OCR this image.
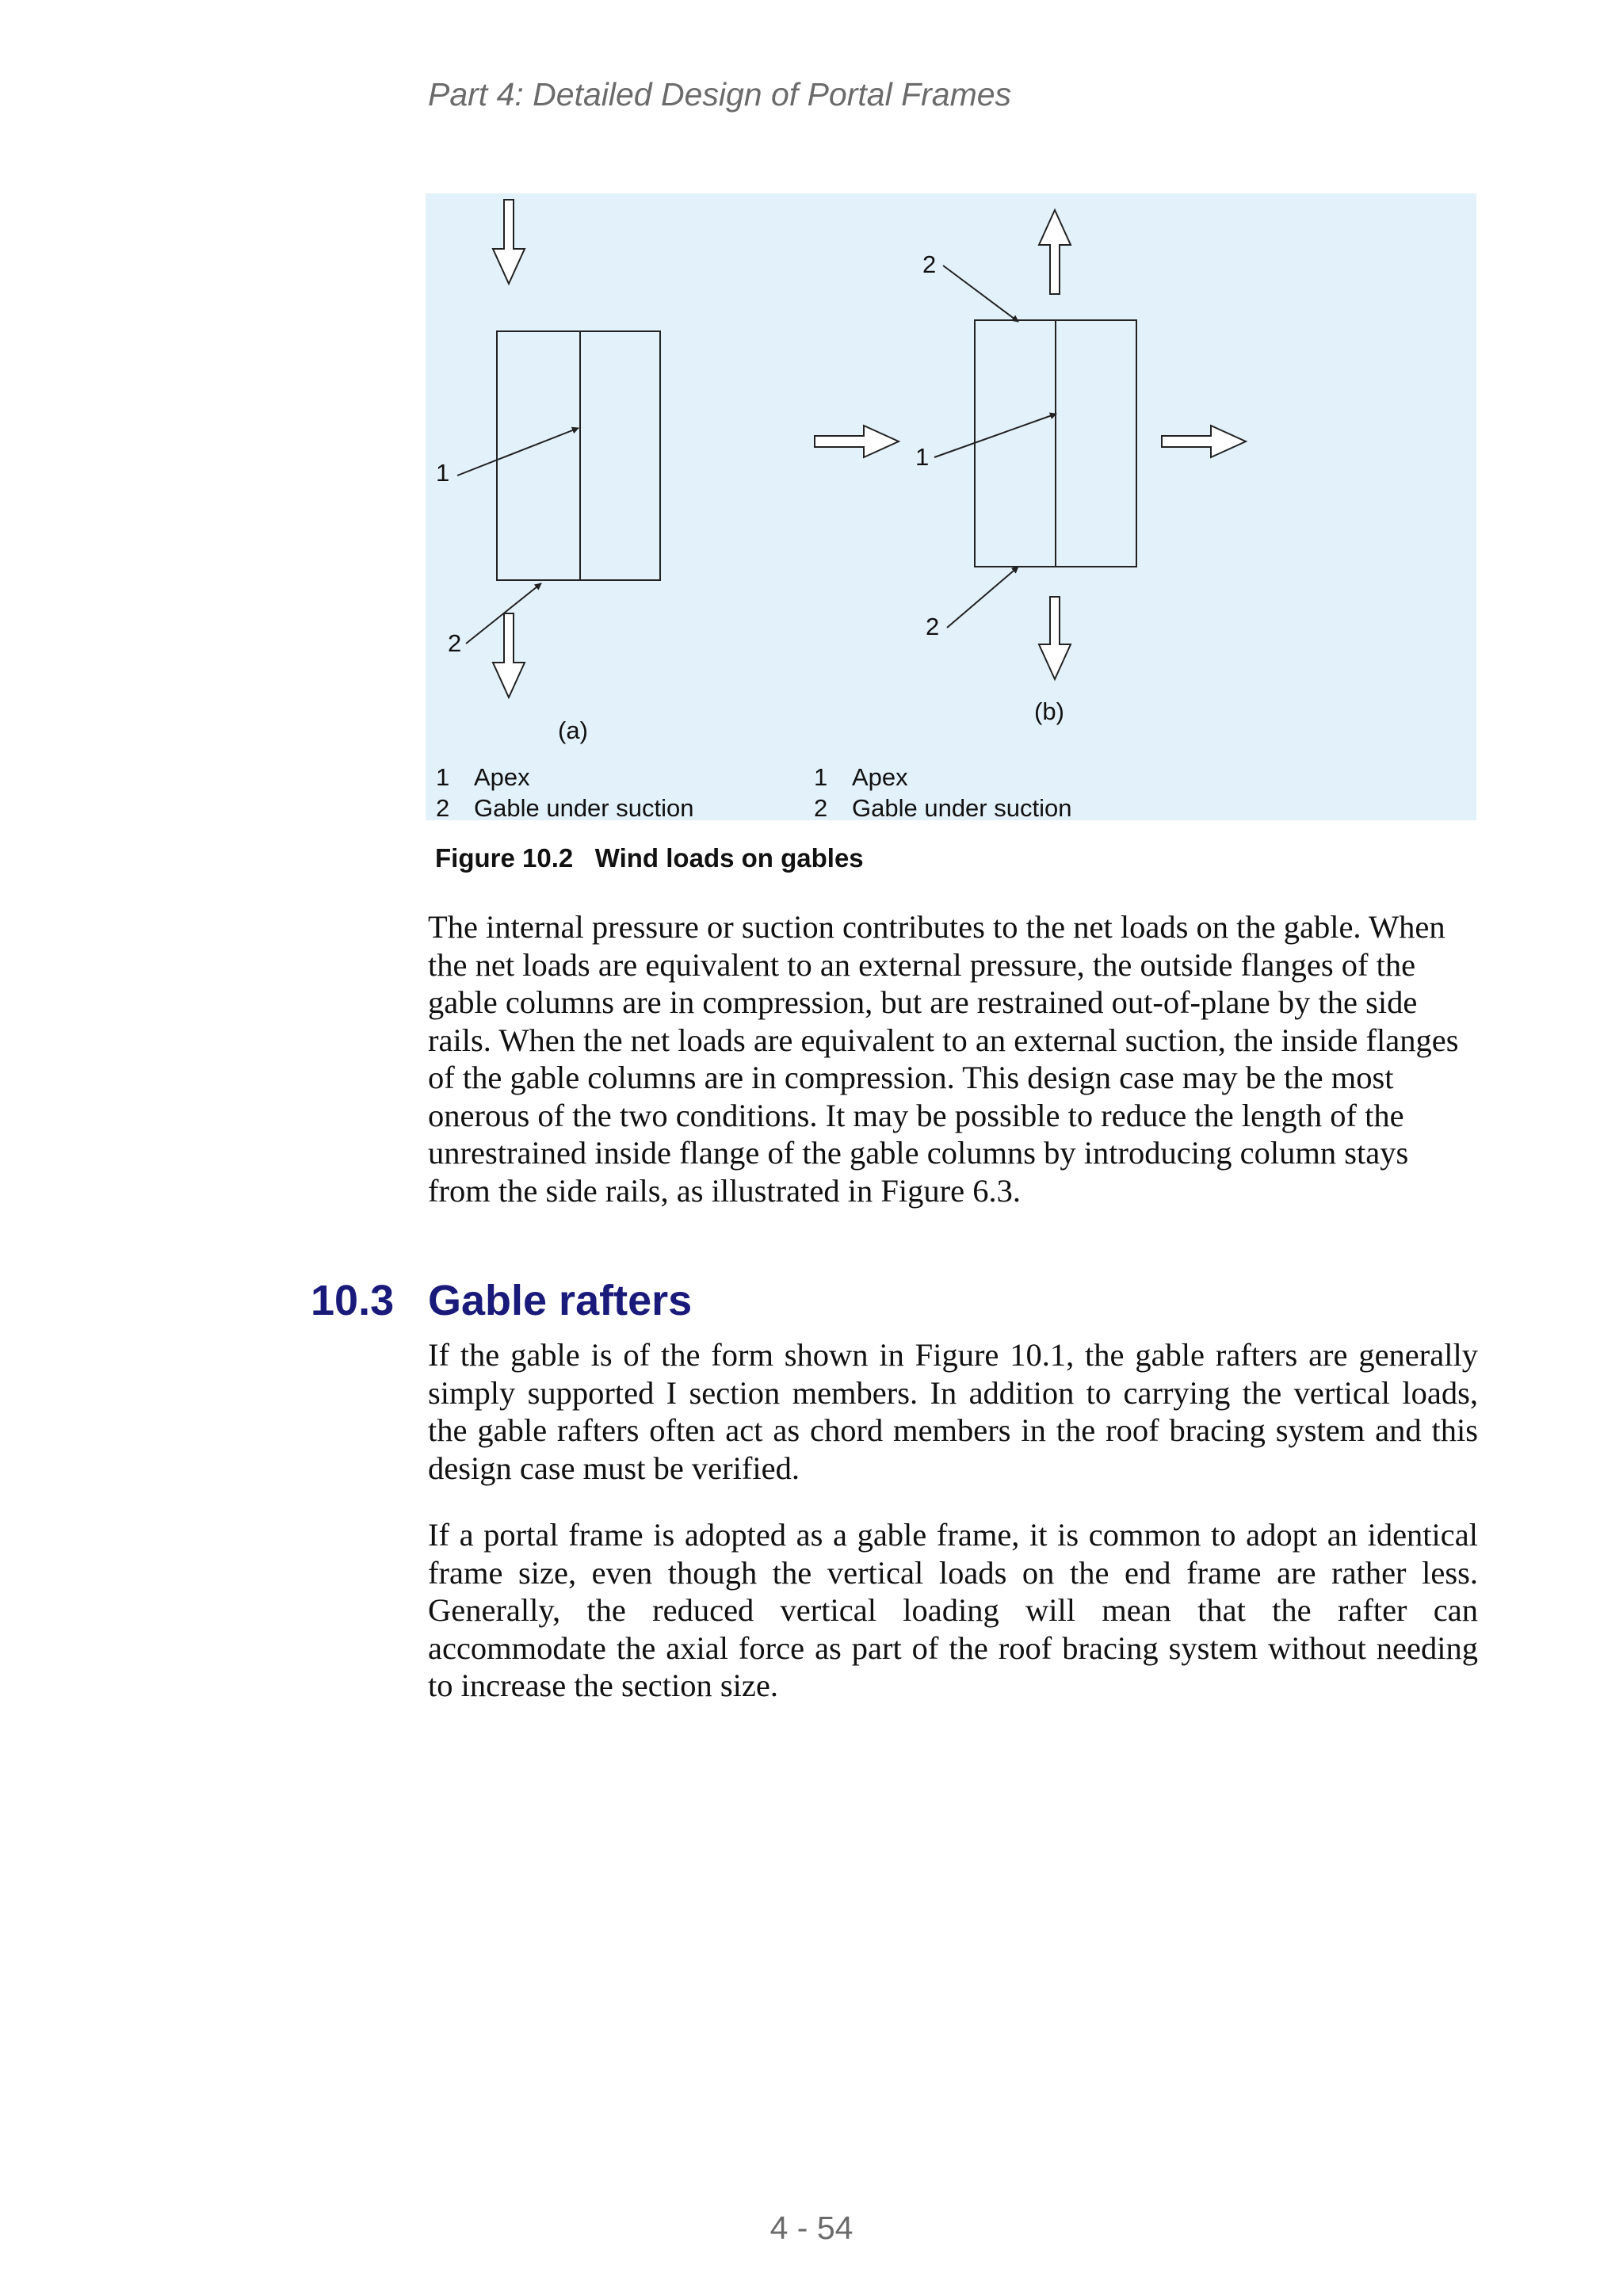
Part 4: Detailed Design of Portal Frames
1
2
(a)
2
1
2
(b)
1 Apex
2 Gable under suction
1 Apex
2 Gable under suction
Figure 10.2 Wind loads on gables

The internal pressure or suction contributes to the net loads on the gable. When the net loads are equivalent to an external pressure, the outside flanges of the gable columns are in compression, but are restrained out-of-plane by the side rails. When the net loads are equivalent to an external suction, the inside flanges of the gable columns are in compression. This design case may be the most onerous of the two conditions. It may be possible to reduce the length of the unrestrained inside flange of the gable columns by introducing column stays from the side rails, as illustrated in Figure 6.3.

10.3 Gable rafters

If the gable is of the form shown in Figure 10.1, the gable rafters are generally simply supported I section members. In addition to carrying the vertical loads, the gable rafters often act as chord members in the roof bracing system and this design case must be verified.

If a portal frame is adopted as a gable frame, it is common to adopt an identical frame size, even though the vertical loads on the end frame are rather less. Generally, the reduced vertical loading will mean that the rafter can accommodate the axial force as part of the roof bracing system without needing to increase the section size.

4 - 54
